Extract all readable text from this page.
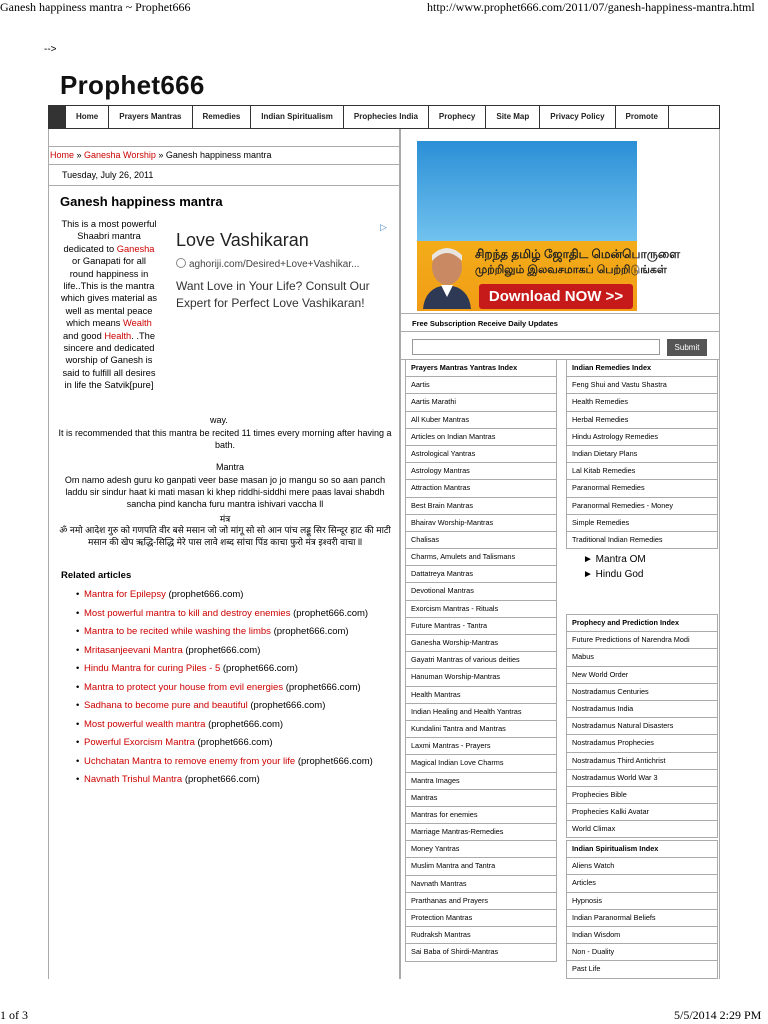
Ganesh happiness mantra ~ Prophet666	http://www.prophet666.com/2011/07/ganesh-happiness-mantra.html
1 of 3	5/5/2014 2:29 PM
-->
Prophet666
Home	Prayers Mantras	Remedies	Indian Spiritualism	Prophecies India	Prophecy	Site Map	Privacy Policy	Promote
Home » Ganesha Worship » Ganesh happiness mantra
Tuesday, July 26, 2011
Ganesh happiness mantra
This is a most powerful Shaabri mantra dedicated to Ganesha or Ganapati for all round happiness in life..This is the mantra which gives material as well as mental peace which means Wealth and good Health. .The sincere and dedicated worship of Ganesh is said to fulfill all desires in life the Satvik[pure]
Love Vashikaran
aghoriji.com/Desired+Love+Vashikar...
Want Love in Your Life? Consult Our Expert for Perfect Love Vashikaran!
▷
way.
It is recommended that this mantra be recited 11 times every morning after having a bath.
Mantra
Om namo adesh guru ko ganpati veer base masan jo jo mangu so so aan panch laddu sir sindur haat ki mati masan ki khep riddhi-siddhi mere paas lavai shabdh sancha pind kancha furu mantra ishivari vaccha ll
मंत्र
ॐ नमो आदेश गुरु को गणपति वीर बसे मसान जो जो मांगू सो सो आन पांच लड्डू सिर सिन्दूर हाट की माटी मसान की खेप ऋद्धि-सिद्धि मेरे पास लावे शब्द सांचा पिंड काचा फुरो मंत्र इश्वरी वाचा ll
Related articles
• Mantra for Epilepsy (prophet666.com)
• Most powerful mantra to kill and destroy enemies (prophet666.com)
• Mantra to be recited while washing the limbs (prophet666.com)
• Mritasanjeevani Mantra (prophet666.com)
• Hindu Mantra for curing Piles - 5 (prophet666.com)
• Mantra to protect your house from evil energies (prophet666.com)
• Sadhana to become pure and beautiful (prophet666.com)
• Most powerful wealth mantra (prophet666.com)
• Powerful Exorcism Mantra (prophet666.com)
• Uchchatan Mantra to remove enemy from your life (prophet666.com)
• Navnath Trishul Mantra (prophet666.com)
சிறந்த தமிழ் ஜோதிட மென்பொருளை
முற்றிலும் இலவசமாகப் பெற்றிடுங்கள்
Download NOW >>
Free Subscription Receive Daily Updates
Submit
Prayers Mantras Yantras Index
Aartis
Aartis Marathi
All Kuber Mantras
Articles on Indian Mantras
Astrological Yantras
Astrology Mantras
Attraction Mantras
Best Brain Mantras
Bhairav Worship-Mantras
Chalisas
Charms, Amulets and Talismans
Dattatreya Mantras
Devotional Mantras
Exorcism Mantras - Rituals
Future Mantras - Tantra
Ganesha Worship-Mantras
Gayatri Mantras of various deities
Hanuman Worship-Mantras
Health Mantras
Indian Healing and Health Yantras
Kundalini Tantra and Mantras
Laxmi Mantras - Prayers
Magical Indian Love Charms
Mantra Images
Mantras
Mantras for enemies
Marriage Mantras-Remedies
Money Yantras
Muslim Mantra and Tantra
Navnath Mantras
Prarthanas and Prayers
Protection Mantras
Rudraksh Mantras
Sai Baba of Shirdi-Mantras
Indian Remedies Index
Feng Shui and Vastu Shastra
Health Remedies
Herbal Remedies
Hindu Astrology Remedies
Indian Dietary Plans
Lal Kitab Remedies
Paranormal Remedies
Paranormal Remedies - Money
Simple Remedies
Traditional Indian Remedies
► Mantra OM
► Hindu God
Prophecy and Prediction Index
Future Predictions of Narendra Modi
Mabus
New World Order
Nostradamus Centuries
Nostradamus India
Nostradamus Natural Disasters
Nostradamus Prophecies
Nostradamus Third Antichrist
Nostradamus World War 3
Prophecies Bible
Prophecies Kalki Avatar
World Climax
Indian Spiritualism Index
Aliens Watch
Articles
Hypnosis
Indian Paranormal Beliefs
Indian Wisdom
Non - Duality
Past Life
